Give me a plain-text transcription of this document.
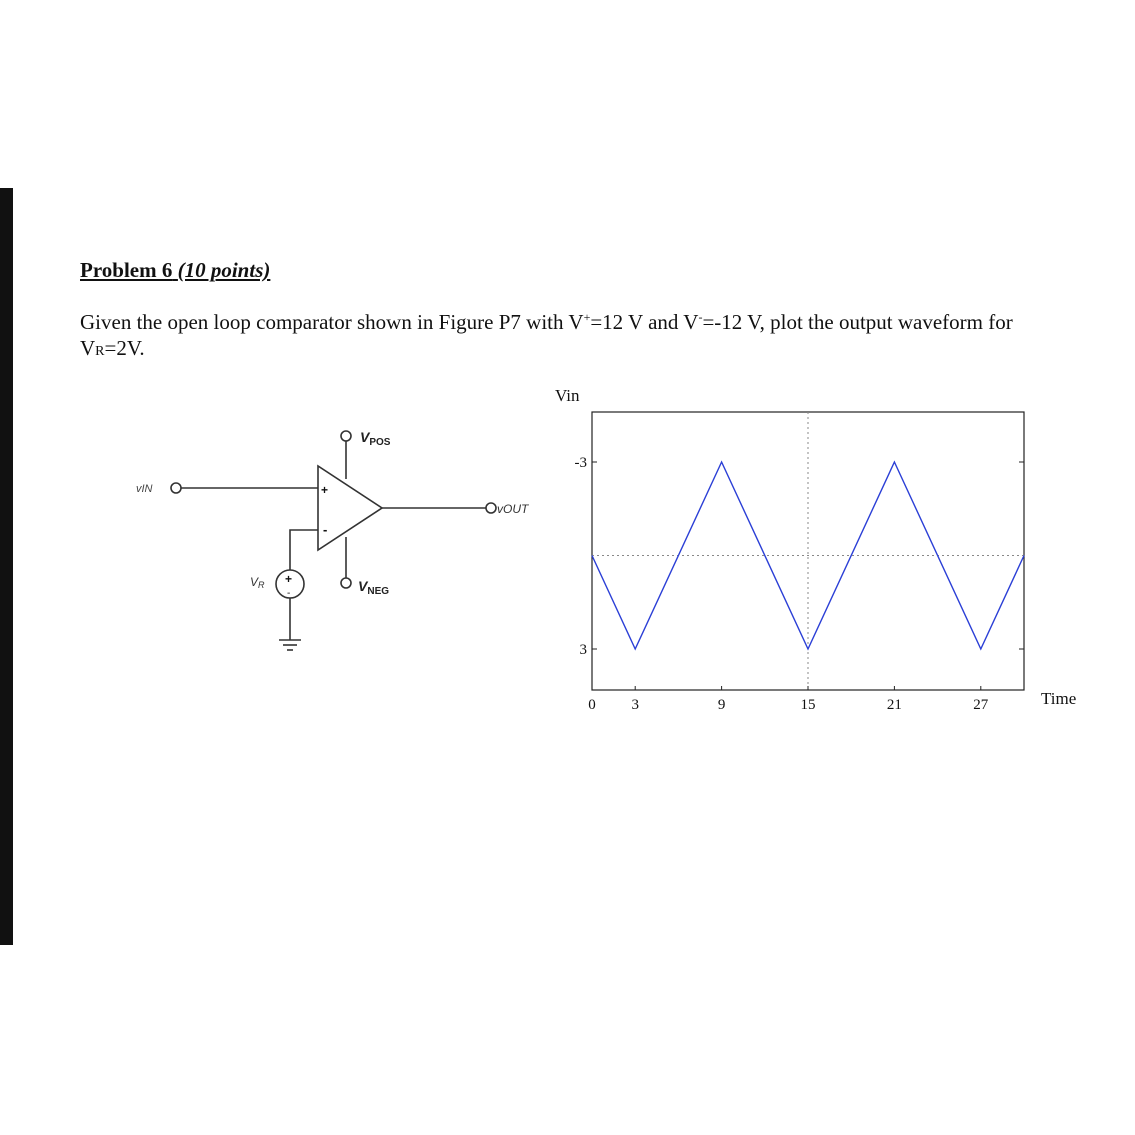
Problem 6 (10 points)
Given the open loop comparator shown in Figure P7 with V+=12 V and V-=-12 V, plot the output waveform for
VR=2V.
+
-
+
-
vIN
vOUT
$V_{POS}$
$V_{NEG}$
VR
Vin
Time
3
-3
0 3	9	15	21	27
